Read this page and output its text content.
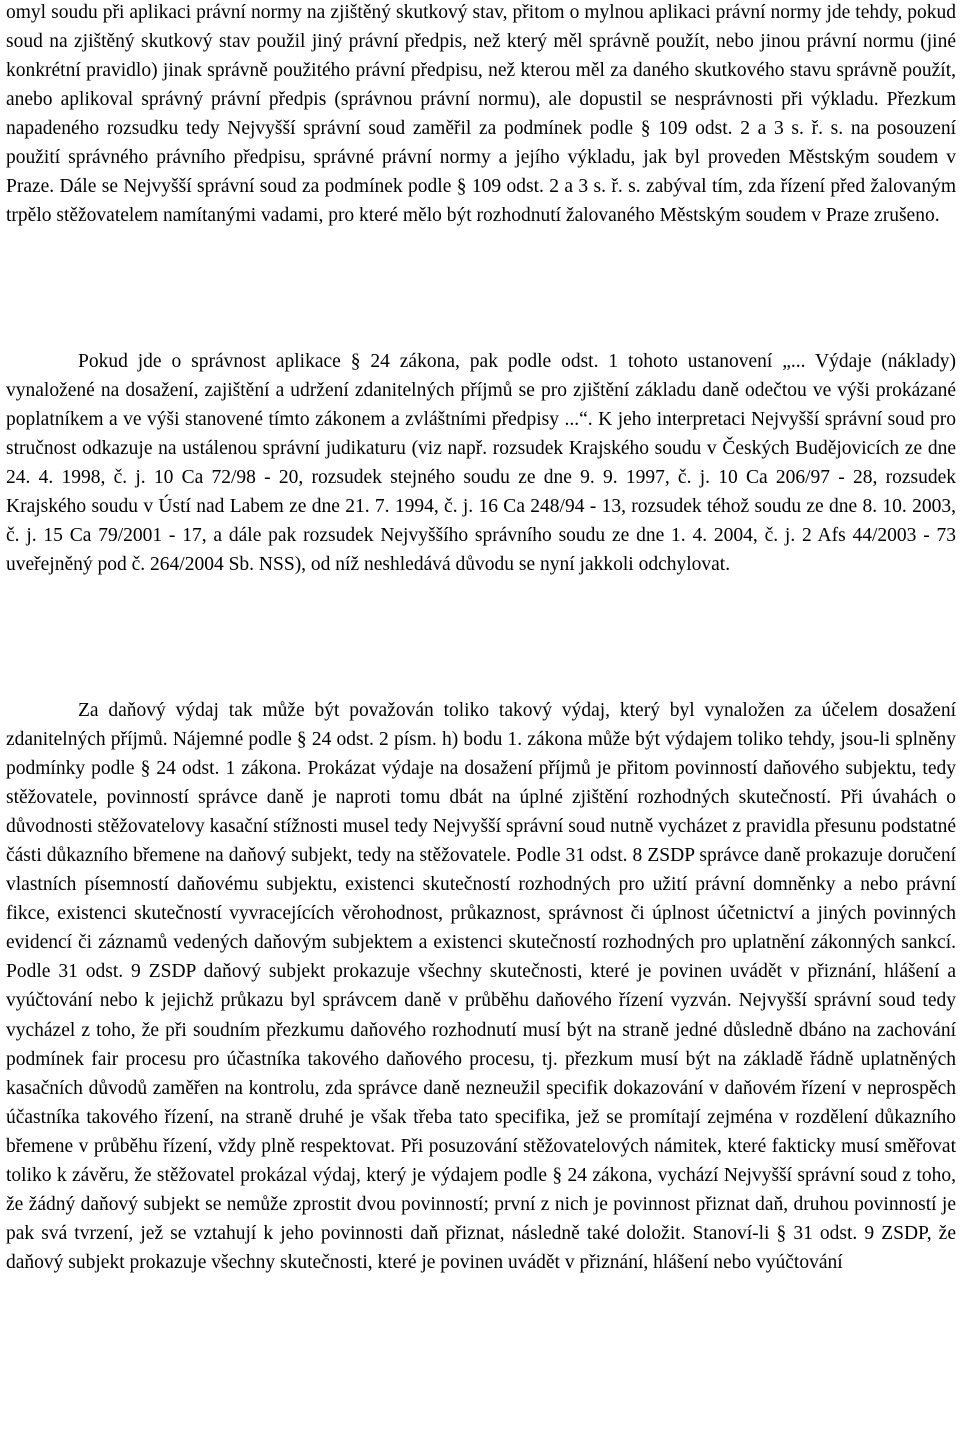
omyl soudu při aplikaci právní normy na zjištěný skutkový stav, přitom o mylnou aplikaci právní normy jde tehdy, pokud soud na zjištěný skutkový stav použil jiný právní předpis, než který měl správně použít, nebo jinou právní normu (jiné konkrétní pravidlo) jinak správně použitého právní předpisu, než kterou měl za daného skutkového stavu správně použít, anebo aplikoval správný právní předpis (správnou právní normu), ale dopustil se nesprávnosti při výkladu. Přezkum napadeného rozsudku tedy Nejvyšší správní soud zaměřil za podmínek podle § 109 odst. 2 a 3 s. ř. s. na posouzení použití správného právního předpisu, správné právní normy a jejího výkladu, jak byl proveden Městským soudem v Praze. Dále se Nejvyšší správní soud za podmínek podle § 109 odst. 2 a 3 s. ř. s. zabýval tím, zda řízení před žalovaným trpělo stěžovatelem namítanými vadami, pro které mělo být rozhodnutí žalovaného Městským soudem v Praze zrušeno.

Pokud jde o správnost aplikace § 24 zákona, pak podle odst. 1 tohoto ustanovení „... Výdaje (náklady) vynaložené na dosažení, zajištění a udržení zdanitelných příjmů se pro zjištění základu daně odečtou ve výši prokázané poplatníkem a ve výši stanovené tímto zákonem a zvláštními předpisy ...“. K jeho interpretaci Nejvyšší správní soud pro stručnost odkazuje na ustálenou správní judikaturu (viz např. rozsudek Krajského soudu v Českých Budějovicích ze dne 24. 4. 1998, č. j. 10 Ca 72/98 - 20, rozsudek stejného soudu ze dne 9. 9. 1997, č. j. 10 Ca 206/97 - 28, rozsudek Krajského soudu v Ústí nad Labem ze dne 21. 7. 1994, č. j. 16 Ca 248/94 - 13, rozsudek téhož soudu ze dne 8. 10. 2003, č. j. 15 Ca 79/2001 - 17, a dále pak rozsudek Nejvyššího správního soudu ze dne 1. 4. 2004, č. j. 2 Afs 44/2003 - 73 uveřejněný pod č. 264/2004 Sb. NSS), od níž neshledává důvodu se nyní jakkoli odchylovat.

Za daňový výdaj tak může být považován toliko takový výdaj, který byl vynaložen za účelem dosažení zdanitelných příjmů. Nájemné podle § 24 odst. 2 písm. h) bodu 1. zákona může být výdajem toliko tehdy, jsou-li splněny podmínky podle § 24 odst. 1 zákona. Prokázat výdaje na dosažení příjmů je přitom povinností daňového subjektu, tedy stěžovatele, povinností správce daně je naproti tomu dbát na úplné zjištění rozhodných skutečností. Při úvahách o důvodnosti stěžovatelovy kasační stížnosti musel tedy Nejvyšší správní soud nutně vycházet z pravidla přesunu podstatné části důkazního břemene na daňový subjekt, tedy na stěžovatele. Podle 31 odst. 8 ZSDP správce daně prokazuje doručení vlastních písemností daňovému subjektu, existenci skutečností rozhodných pro užití právní domněnky a nebo právní fikce, existenci skutečností vyvracejících věrohodnost, průkaznost, správnost či úplnost účetnictví a jiných povinných evidencí či záznamů vedených daňovým subjektem a existenci skutečností rozhodných pro uplatnění zákonných sankcí. Podle 31 odst. 9 ZSDP daňový subjekt prokazuje všechny skutečnosti, které je povinen uvádět v přiznání, hlášení a vyúčtování nebo k jejichž průkazu byl správcem daně v průběhu daňového řízení vyzván. Nejvyšší správní soud tedy vycházel z toho, že při soudním přezkumu daňového rozhodnutí musí být na straně jedné důsledně dbáno na zachování podmínek fair procesu pro účastníka takového daňového procesu, tj. přezkum musí být na základě řádně uplatněných kasačních důvodů zaměřen na kontrolu, zda správce daně nezneužil specifik dokazování v daňovém řízení v neprospěch účastníka takového řízení, na straně druhé je však třeba tato specifika, jež se promítají zejména v rozdělení důkazního břemene v průběhu řízení, vždy plně respektovat. Při posuzování stěžovatelových námitek, které fakticky musí směřovat toliko k závěru, že stěžovatel prokázal výdaj, který je výdajem podle § 24 zákona, vychází Nejvyšší správní soud z toho, že žádný daňový subjekt se nemůže zprostit dvou povinností; první z nich je povinnost přiznat daň, druhou povinností je pak svá tvrzení, jež se vztahují k jeho povinnosti daň přiznat, následně také doložit. Stanoví-li § 31 odst. 9 ZSDP, že daňový subjekt prokazuje všechny skutečnosti, které je povinen uvádět v přiznání, hlášení nebo vyúčtování
